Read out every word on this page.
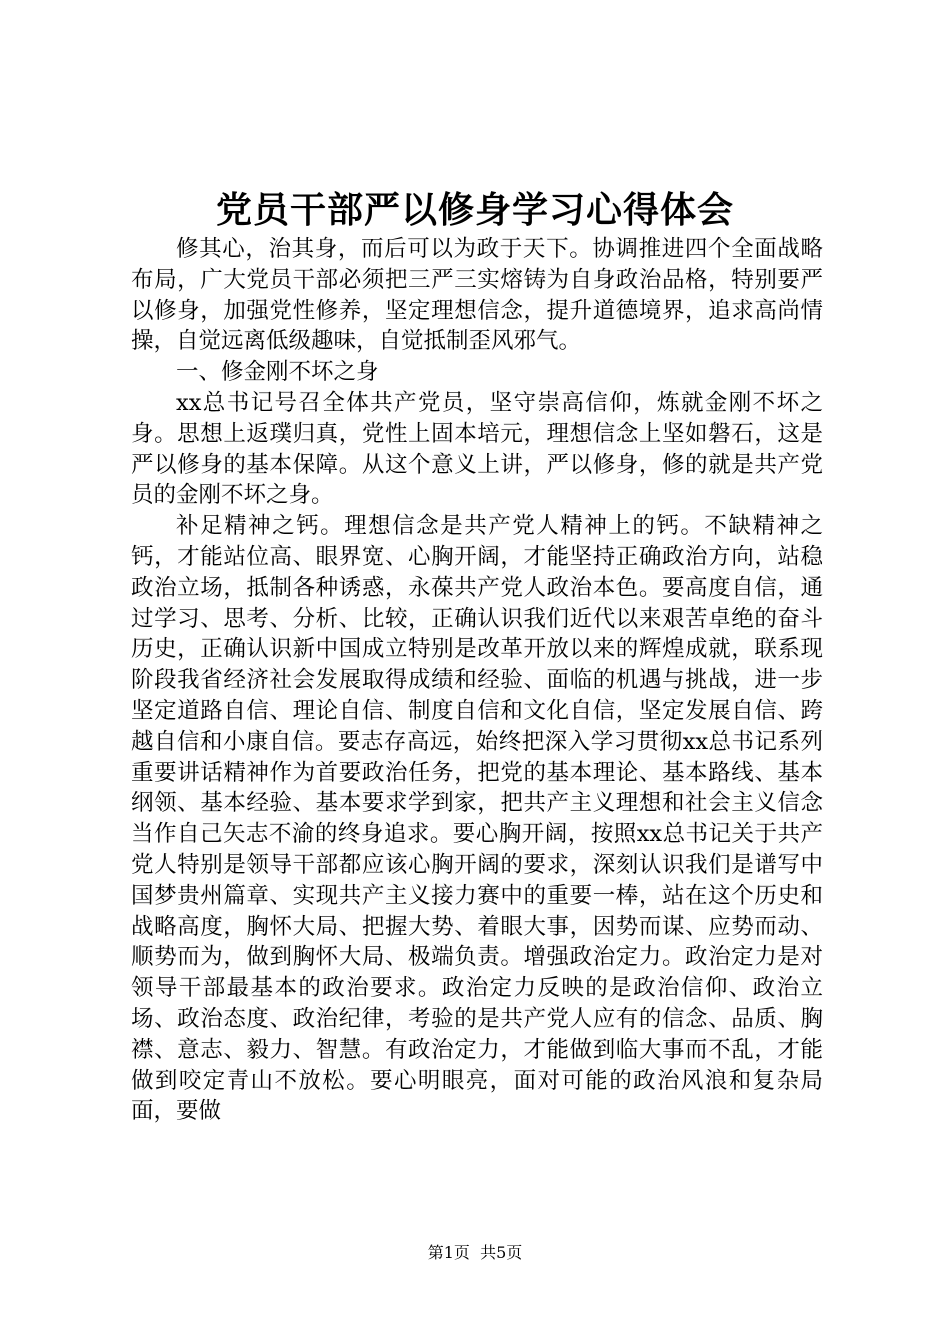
党员干部严以修身学习心得体会

修其心，治其身，而后可以为政于天下。协调推进四个全面战略布局，广大党员干部必须把三严三实熔铸为自身政治品格，特别要严以修身，加强党性修养，坚定理想信念，提升道德境界，追求高尚情操，自觉远离低级趣味，自觉抵制歪风邪气。

一、修金刚不坏之身

xx总书记号召全体共产党员，坚守崇高信仰，炼就金刚不坏之身。思想上返璞归真，党性上固本培元，理想信念上坚如磐石，这是严以修身的基本保障。从这个意义上讲，严以修身，修的就是共产党员的金刚不坏之身。

补足精神之钙。理想信念是共产党人精神上的钙。不缺精神之钙，才能站位高、眼界宽、心胸开阔，才能坚持正确政治方向，站稳政治立场，抵制各种诱惑，永葆共产党人政治本色。要高度自信，通过学习、思考、分析、比较，正确认识我们近代以来艰苦卓绝的奋斗历史，正确认识新中国成立特别是改革开放以来的辉煌成就，联系现阶段我省经济社会发展取得成绩和经验、面临的机遇与挑战，进一步坚定道路自信、理论自信、制度自信和文化自信，坚定发展自信、跨越自信和小康自信。要志存高远，始终把深入学习贯彻xx总书记系列重要讲话精神作为首要政治任务，把党的基本理论、基本路线、基本纲领、基本经验、基本要求学到家，把共产主义理想和社会主义信念当作自己矢志不渝的终身追求。要心胸开阔，按照xx总书记关于共产党人特别是领导干部都应该心胸开阔的要求，深刻认识我们是谱写中国梦贵州篇章、实现共产主义接力赛中的重要一棒，站在这个历史和战略高度，胸怀大局、把握大势、着眼大事，因势而谋、应势而动、顺势而为，做到胸怀大局、极端负责。增强政治定力。政治定力是对领导干部最基本的政治要求。政治定力反映的是政治信仰、政治立场、政治态度、政治纪律，考验的是共产党人应有的信念、品质、胸襟、意志、毅力、智慧。有政治定力，才能做到临大事而不乱，才能做到咬定青山不放松。要心明眼亮，面对可能的政治风浪和复杂局面，要做

第1页 共5页
